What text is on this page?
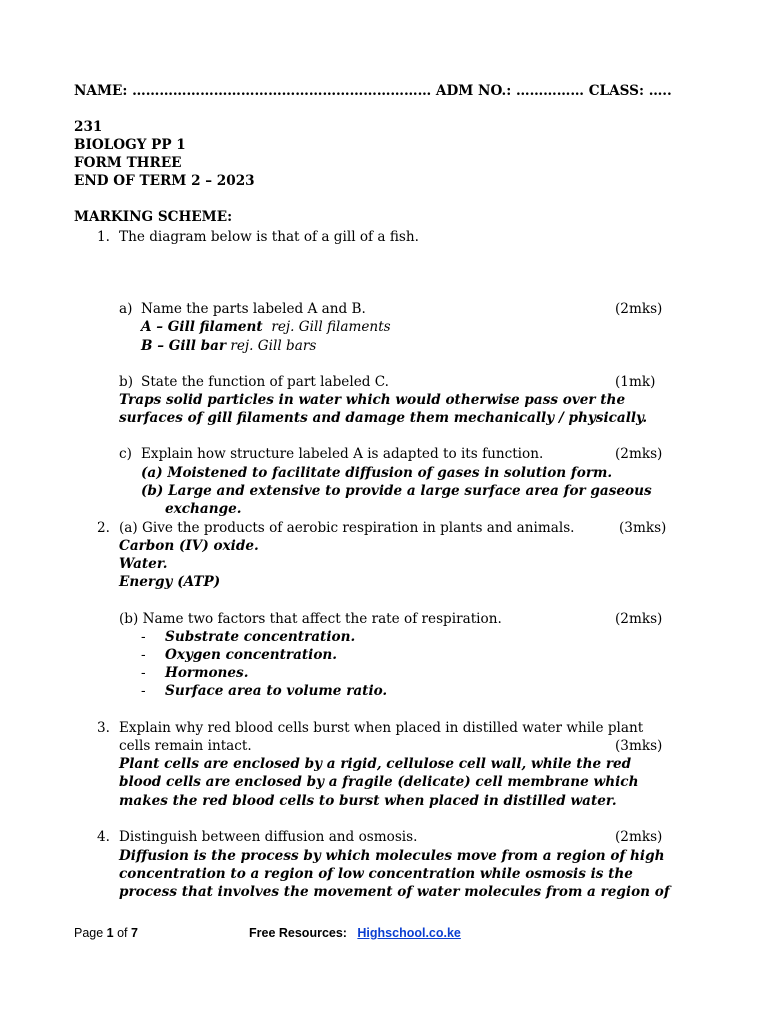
NAME: ………………………………………………………… ADM NO.: …………… CLASS: …..
231
BIOLOGY PP 1
FORM THREE
END OF TERM 2 – 2023
MARKING SCHEME:
1. The diagram below is that of a gill of a fish.
a) Name the parts labeled A and B.	(2mks)
A – Gill filament rej. Gill filaments
B – Gill bar rej. Gill bars
b) State the function of part labeled C.	(1mk)
Traps solid particles in water which would otherwise pass over the
surfaces of gill filaments and damage them mechanically / physically.
c) Explain how structure labeled A is adapted to its function.	(2mks)
(a) Moistened to facilitate diffusion of gases in solution form.
(b) Large and extensive to provide a large surface area for gaseous
exchange.
2. (a) Give the products of aerobic respiration in plants and animals.	(3mks)
Carbon (IV) oxide.
Water.
Energy (ATP)
(b) Name two factors that affect the rate of respiration.	(2mks)
- Substrate concentration.
- Oxygen concentration.
- Hormones.
- Surface area to volume ratio.
3. Explain why red blood cells burst when placed in distilled water while plant
cells remain intact.	(3mks)
Plant cells are enclosed by a rigid, cellulose cell wall, while the red
blood cells are enclosed by a fragile (delicate) cell membrane which
makes the red blood cells to burst when placed in distilled water.
4. Distinguish between diffusion and osmosis.	(2mks)
Diffusion is the process by which molecules move from a region of high
concentration to a region of low concentration while osmosis is the
process that involves the movement of water molecules from a region of
Page 1 of 7	Free Resources: Highschool.co.ke
